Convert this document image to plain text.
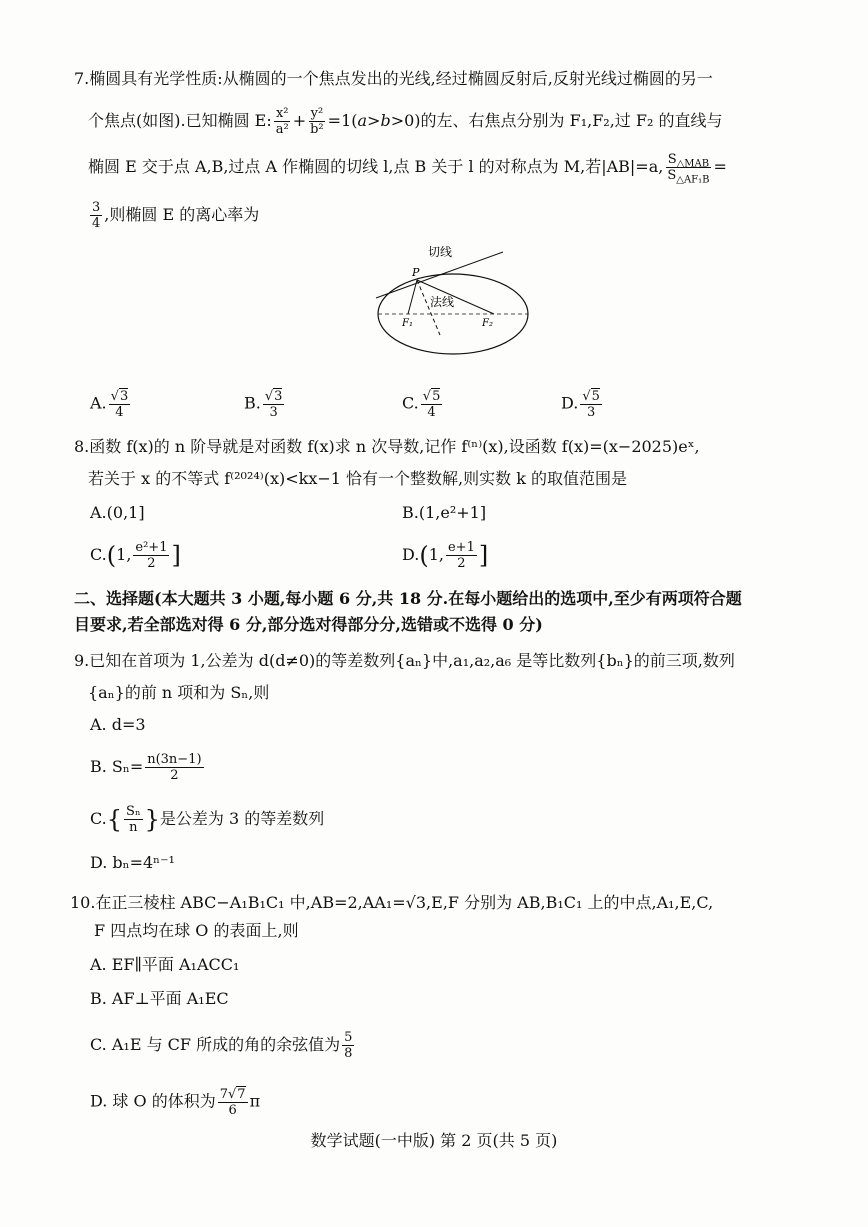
7.椭圆具有光学性质:从椭圆的一个焦点发出的光线,经过椭圆反射后,反射光线过椭圆的另一
个焦点(如图).已知椭圆 E: $\frac{\text{x²}}{\text{a²}} + \frac{\text{y²}}{\text{b²}} =1(a>b>0)$的左、右焦点分别为 F₁,F₂,过 F₂ 的直线与
椭圆 E 交于点 A,B,过点 A 作椭圆的切线 l,点 B 关于 l 的对称点为 M,若|AB|=a, $\frac{S_{\triangle MAB}}{S_{\triangle AF_1B}}$ =
$\frac{3}{4}$ ,则椭圆 E 的离心率为
切线
法线
P
F₁	F₂
A. $\frac{√3}{4}$	B. $\frac{√3}{3}$	C. $\frac{√5}{4}$	D. $\frac{√5}{3}$
8.函数 f(x)的 n 阶导就是对函数 f(x)求 n 次导数,记作 f⁽ⁿ⁾(x),设函数 f(x)=(x−2025)eˣ,
若关于 x 的不等式 f⁽²⁰²⁴⁾(x)<kx−1 恰有一个整数解,则实数 k 的取值范围是
A.(0,1]	B.(1,e²+1]
C.(1, $\frac{\text{e²+1}}{2}$ ]	D.(1, $\frac{e+1}{2}$ ]
二、选择题(本大题共 3 小题,每小题 6 分,共 18 分.在每小题给出的选项中,至少有两项符合题
目要求,若全部选对得 6 分,部分选对得部分分,选错或不选得 0 分)
9.已知在首项为 1,公差为 d(d≠0)的等差数列{aₙ}中,a₁,a₂,a₆ 是等比数列{bₙ}的前三项,数列
{aₙ}的前 n 项和为 Sₙ,则
A. d=3
B. $S_n= \frac{n(3n-1)}{2}$
$C.\{ \frac{\text{Sₙ}}{n}$ }是公差为 3 的等差数列
D. bₙ=4ⁿ⁻¹
10.在正三棱柱 ABC−A₁B₁C₁ 中,AB=2,AA₁=√3,E,F 分别为 AB,B₁C₁ 上的中点,A₁,E,C,
F 四点均在球 O 的表面上,则
A. EF∥平面 A₁ACC₁
B. AF⊥平面 A₁EC
C. A₁E 与 CF 所成的角的余弦值为 $\frac{5}{8}$
D. 球 O 的体积为 $\frac{7√7}{6}$ π
数学试题(一中版) 第 2 页(共 5 页)
